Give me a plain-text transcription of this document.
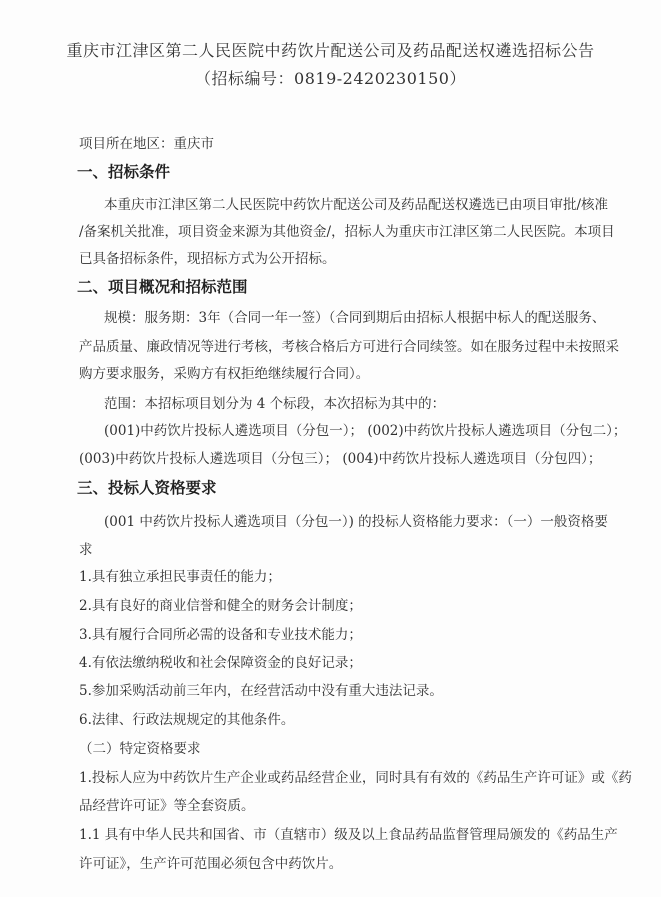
重庆市江津区第二人民医院中药饮片配送公司及药品配送权遴选招标公告
（招标编号：0819-2420230150）
项目所在地区：重庆市
一、招标条件
本重庆市江津区第二人民医院中药饮片配送公司及药品配送权遴选已由项目审批/核准
/备案机关批准，项目资金来源为其他资金/，招标人为重庆市江津区第二人民医院。本项目
已具备招标条件，现招标方式为公开招标。
二、项目概况和招标范围
规模：服务期：3年（合同一年一签）（合同到期后由招标人根据中标人的配送服务、
产品质量、廉政情况等进行考核，考核合格后方可进行合同续签。如在服务过程中未按照采
购方要求服务，采购方有权拒绝继续履行合同）。
范围：本招标项目划分为 4 个标段，本次招标为其中的：
(001)中药饮片投标人遴选项目（分包一）； (002)中药饮片投标人遴选项目（分包二）；
(003)中药饮片投标人遴选项目（分包三）； (004)中药饮片投标人遴选项目（分包四）；
三、投标人资格要求
(001 中药饮片投标人遴选项目（分包一）) 的投标人资格能力要求：（一）一般资格要
求
1.具有独立承担民事责任的能力；
2.具有良好的商业信誉和健全的财务会计制度；
3.具有履行合同所必需的设备和专业技术能力；
4.有依法缴纳税收和社会保障资金的良好记录；
5.参加采购活动前三年内，在经营活动中没有重大违法记录。
6.法律、行政法规规定的其他条件。
（二）特定资格要求
1.投标人应为中药饮片生产企业或药品经营企业，同时具有有效的《药品生产许可证》或《药
品经营许可证》等全套资质。
1.1 具有中华人民共和国省、市（直辖市）级及以上食品药品监督管理局颁发的《药品生产
许可证》，生产许可范围必须包含中药饮片。
